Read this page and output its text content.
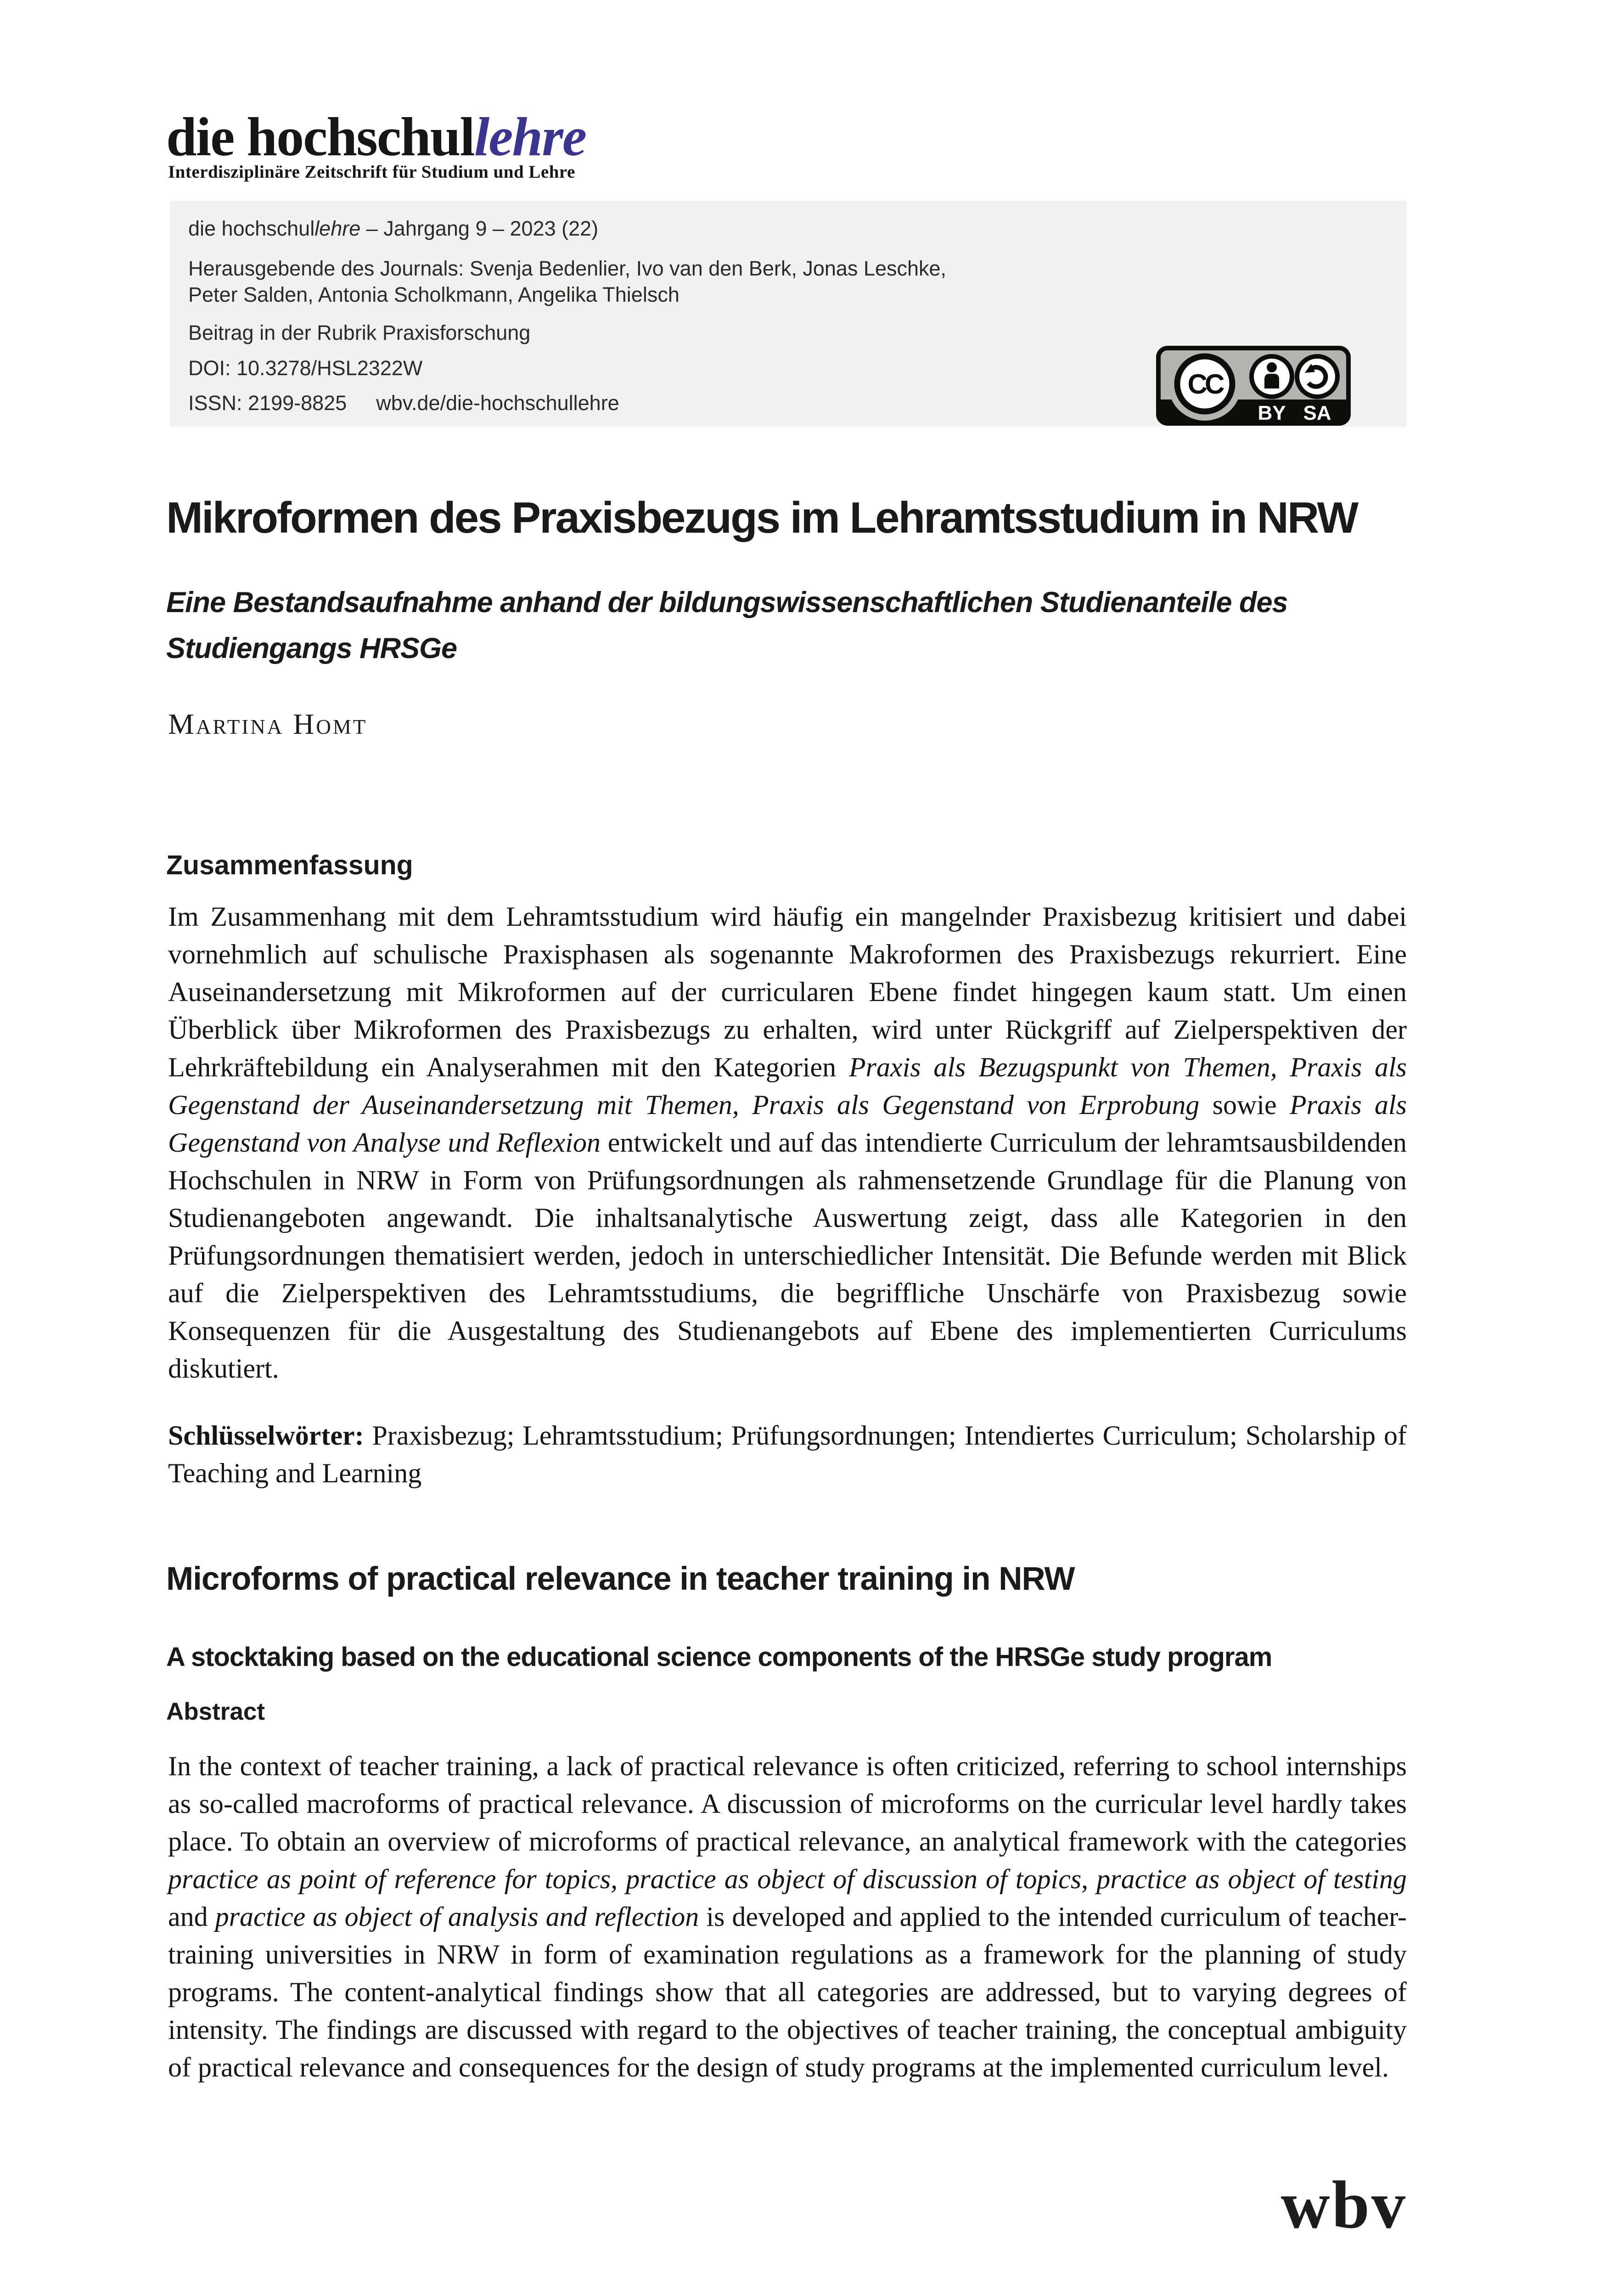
die hochschullehre
Interdisziplinäre Zeitschrift für Studium und Lehre
die hochschullehre – Jahrgang 9 – 2023 (22)
Herausgebende des Journals: Svenja Bedenlier, Ivo van den Berk, Jonas Leschke,
Peter Salden, Antonia Scholkmann, Angelika Thielsch
Beitrag in der Rubrik Praxisforschung
DOI: 10.3278/HSL2322W
ISSN: 2199-8825 wbv.de/die-hochschullehre
CC
BY SA
Mikroformen des Praxisbezugs im Lehramtsstudium in NRW
Eine Bestandsaufnahme anhand der bildungswissenschaftlichen Studienanteile des Studiengangs HRSGe
Martina Homt
Zusammenfassung

Im Zusammenhang mit dem Lehramtsstudium wird häufig ein mangelnder Praxisbezug kritisiert und dabei vornehmlich auf schulische Praxisphasen als sogenannte Makroformen des Praxisbezugs rekurriert. Eine Auseinandersetzung mit Mikroformen auf der curricularen Ebene findet hingegen kaum statt. Um einen Überblick über Mikroformen des Praxisbezugs zu erhalten, wird unter Rückgriff auf Zielperspektiven der Lehrkräftebildung ein Analyserahmen mit den Kategorien Praxis als Bezugspunkt von Themen, Praxis als Gegenstand der Auseinandersetzung mit Themen, Praxis als Gegenstand von Erprobung sowie Praxis als Gegenstand von Analyse und Reflexion entwickelt und auf das intendierte Curriculum der lehramtsausbildenden Hochschulen in NRW in Form von Prüfungsordnungen als rahmensetzende Grundlage für die Planung von Studienangeboten angewandt. Die inhaltsanalytische Auswertung zeigt, dass alle Kategorien in den Prüfungsordnungen thematisiert werden, jedoch in unterschiedlicher Intensität. Die Befunde werden mit Blick auf die Zielperspektiven des Lehramtsstudiums, die begriffliche Unschärfe von Praxisbezug sowie Konsequenzen für die Ausgestaltung des Studienangebots auf Ebene des implementierten Curriculums diskutiert.

Schlüsselwörter: Praxisbezug; Lehramtsstudium; Prüfungsordnungen; Intendiertes Curriculum; Scholarship of Teaching and Learning

Microforms of practical relevance in teacher training in NRW
A stocktaking based on the educational science components of the HRSGe study program
Abstract

In the context of teacher training, a lack of practical relevance is often criticized, referring to school internships as so-called macroforms of practical relevance. A discussion of microforms on the curricular level hardly takes place. To obtain an overview of microforms of practical relevance, an analytical framework with the categories practice as point of reference for topics, practice as object of discussion of topics, practice as object of testing and practice as object of analysis and reflection is developed and applied to the intended curriculum of teacher-training universities in NRW in form of examination regulations as a framework for the planning of study programs. The content-analytical findings show that all categories are addressed, but to varying degrees of intensity. The findings are discussed with regard to the objectives of teacher training, the conceptual ambiguity of practical relevance and consequences for the design of study programs at the implemented curriculum level.

wbv
